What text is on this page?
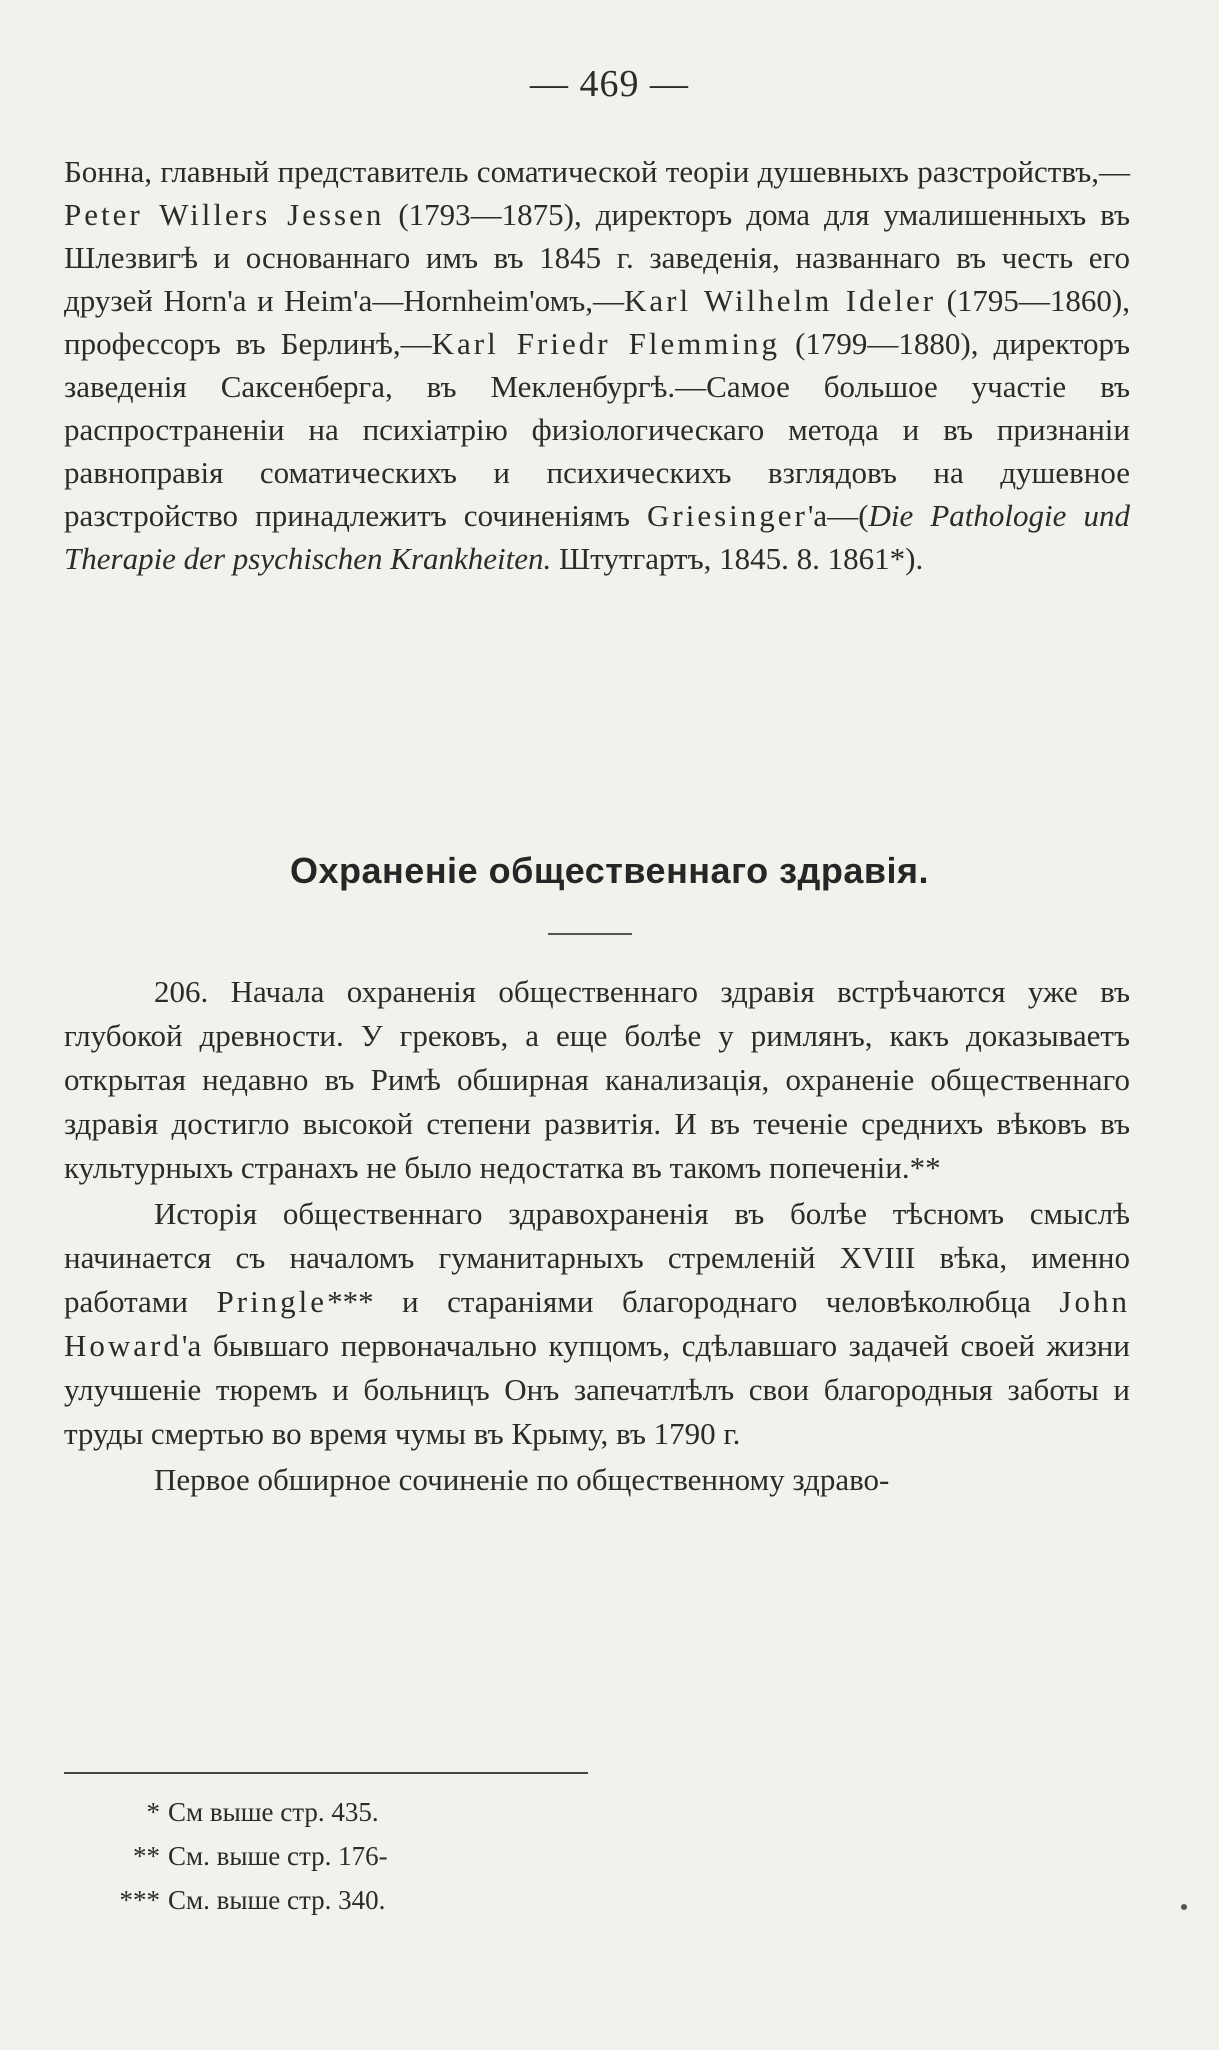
— 469 —

Бонна, главный представитель соматической теоріи душевныхъ разстройствъ,—Peter Willers Jessen (1793—1875), директоръ дома для умалишенныхъ въ Шлезвигѣ и основаннаго имъ въ 1845 г. заведенія, названнаго въ честь его друзей Horn'а и Heim'а—Hornheim'омъ,—Karl Wilhelm Ideler (1795—1860), профессоръ въ Берлинѣ,—Karl Friedr Flemming (1799—1880), директоръ заведенія Саксенберга, въ Мекленбургѣ.—Самое большое участіе въ распространеніи на психіатрію физіологическаго метода и въ признаніи равноправія соматическихъ и психическихъ взглядовъ на душевное разстройство принадлежитъ сочиненіямъ Griesinger'a—(Die Pathologie und Therapie der psychischen Krankheiten. Штутгартъ, 1845. 8. 1861*).

Охраненіе общественнаго здравія.

206. Начала охраненія общественнаго здравія встрѣчаются уже въ глубокой древности. У грековъ, а еще болѣе у римлянъ, какъ доказываетъ открытая недавно въ Римѣ обширная канализація, охраненіе общественнаго здравія достигло высокой степени развитія. И въ теченіе среднихъ вѣковъ въ культурныхъ странахъ не было недостатка въ такомъ попеченіи.**

Исторія общественнаго здравохраненія въ болѣе тѣсномъ смыслѣ начинается съ началомъ гуманитарныхъ стремленій XVIII вѣка, именно работами Pringle*** и стараніями благороднаго человѣколюбца John Howard'а бывшаго первоначально купцомъ, сдѣлавшаго задачей своей жизни улучшеніе тюремъ и больницъ Онъ запечатлѣлъ свои благородныя заботы и труды смертью во время чумы въ Крыму, въ 1790 г.

Первое обширное сочиненіе по общественному здраво-

* См выше стр. 435.
** См. выше стр. 176-
*** См. выше стр. 340.
